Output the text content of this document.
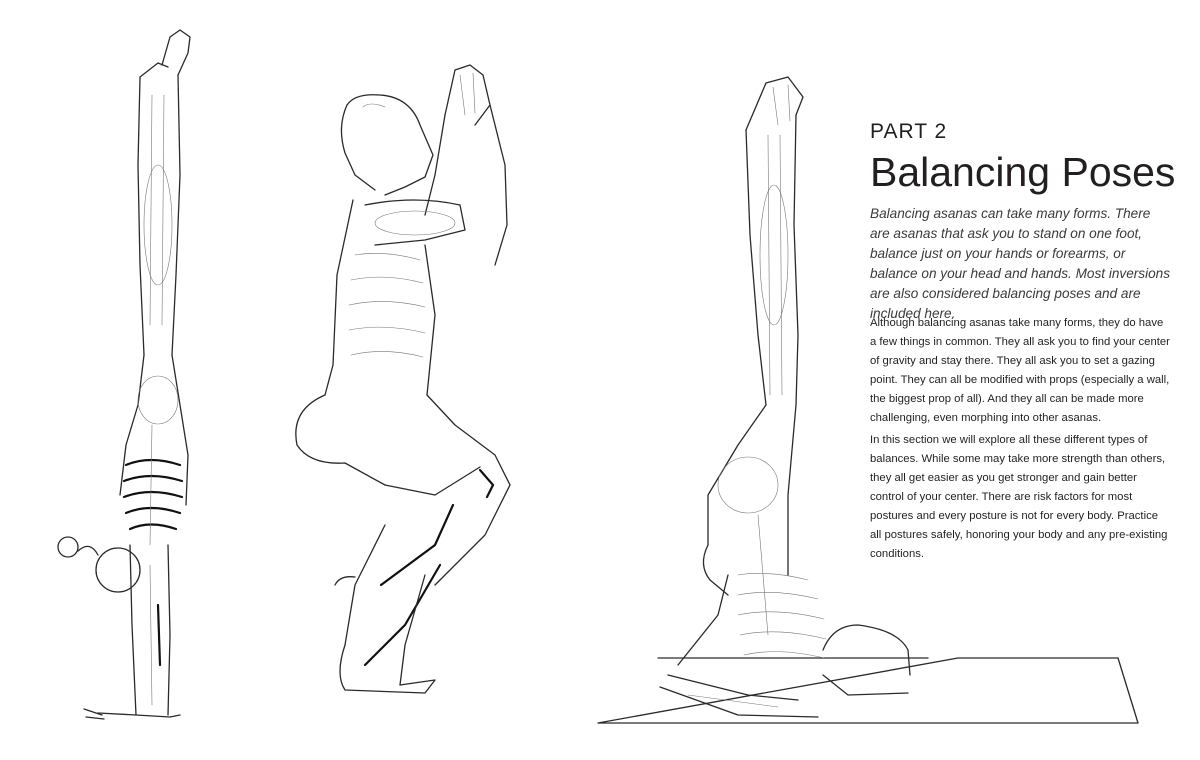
PART 2
Balancing Poses
Balancing asanas can take many forms. There are asanas that ask you to stand on one foot, balance just on your hands or forearms, or balance on your head and hands. Most inversions are also considered balancing poses and are included here.
Although balancing asanas take many forms, they do have a few things in common. They all ask you to find your center of gravity and stay there. They all ask you to set a gazing point. They can all be modified with props (especially a wall, the biggest prop of all). And they all can be made more challenging, even morphing into other asanas.
In this section we will explore all these different types of balances. While some may take more strength than others, they all get easier as you get stronger and gain better control of your center. There are risk factors for most postures and every posture is not for every body. Practice all postures safely, honoring your body and any pre-existing conditions.
